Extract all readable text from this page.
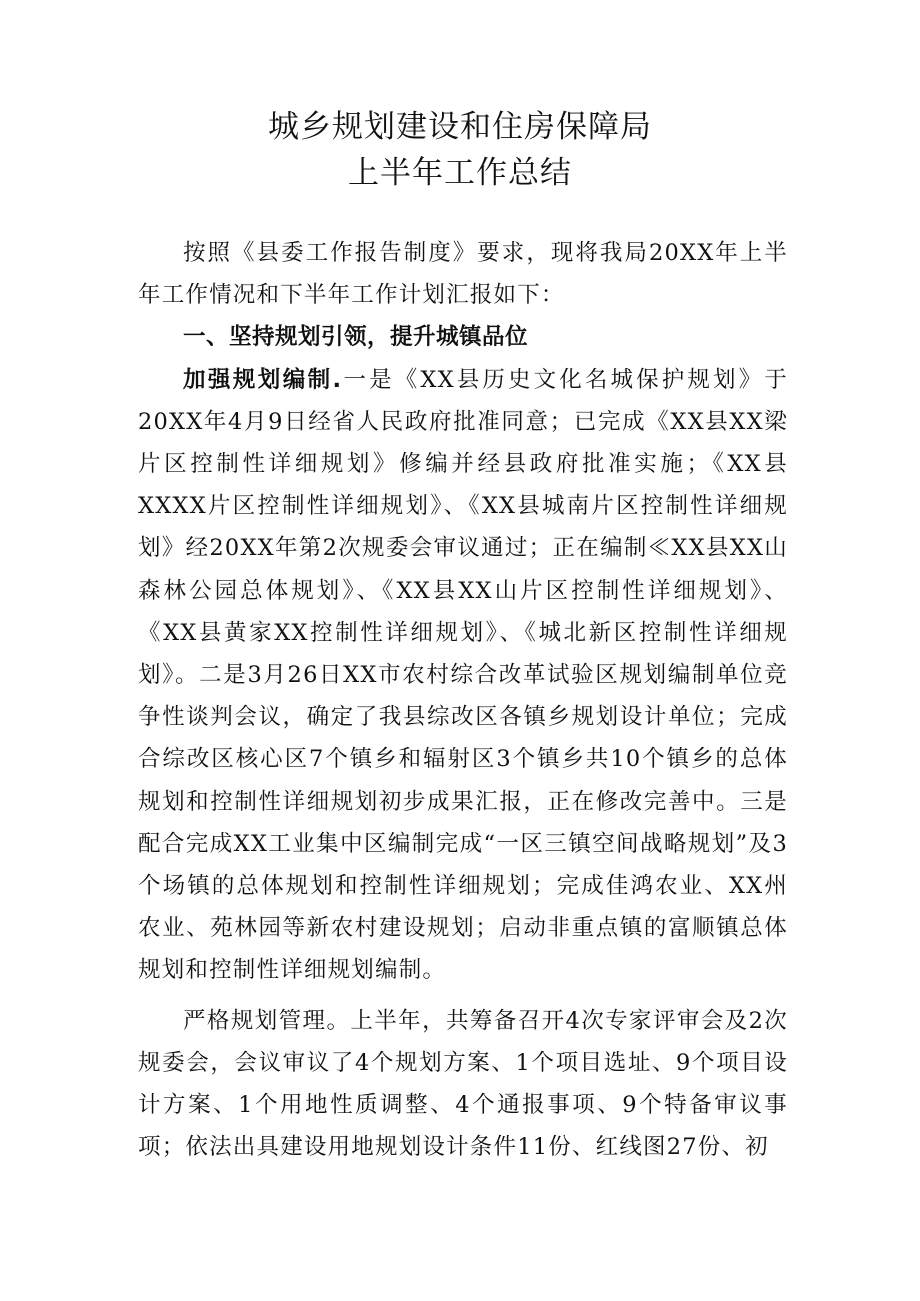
城乡规划建设和住房保障局

上半年工作总结

按照《县委工作报告制度》要求，现将我局20XX年上半年工作情况和下半年工作计划汇报如下：

一、坚持规划引领，提升城镇品位

加强规划编制.一是《XX县历史文化名城保护规划》于20XX年4月9日经省人民政府批准同意；已完成《XX县XX梁片区控制性详细规划》修编并经县政府批准实施；《XX县XXXX片区控制性详细规划》、《XX县城南片区控制性详细规划》经20XX年第2次规委会审议通过；正在编制≪XX县XX山森林公园总体规划》、《XX县XX山片区控制性详细规划》、《XX县黄家XX控制性详细规划》、《城北新区控制性详细规划》。二是3月26日XX市农村综合改革试验区规划编制单位竞争性谈判会议，确定了我县综改区各镇乡规划设计单位；完成合综改区核心区7个镇乡和辐射区3个镇乡共10个镇乡的总体规划和控制性详细规划初步成果汇报，正在修改完善中。三是配合完成XX工业集中区编制完成“一区三镇空间战略规划”及3个场镇的总体规划和控制性详细规划；完成佳鸿农业、XX州农业、苑林园等新农村建设规划；启动非重点镇的富顺镇总体规划和控制性详细规划编制。

严格规划管理。上半年，共筹备召开4次专家评审会及2次规委会，会议审议了4个规划方案、1个项目选址、9个项目设计方案、1个用地性质调整、4个通报事项、9个特备审议事项；依法出具建设用地规划设计条件11份、红线图27份、初
